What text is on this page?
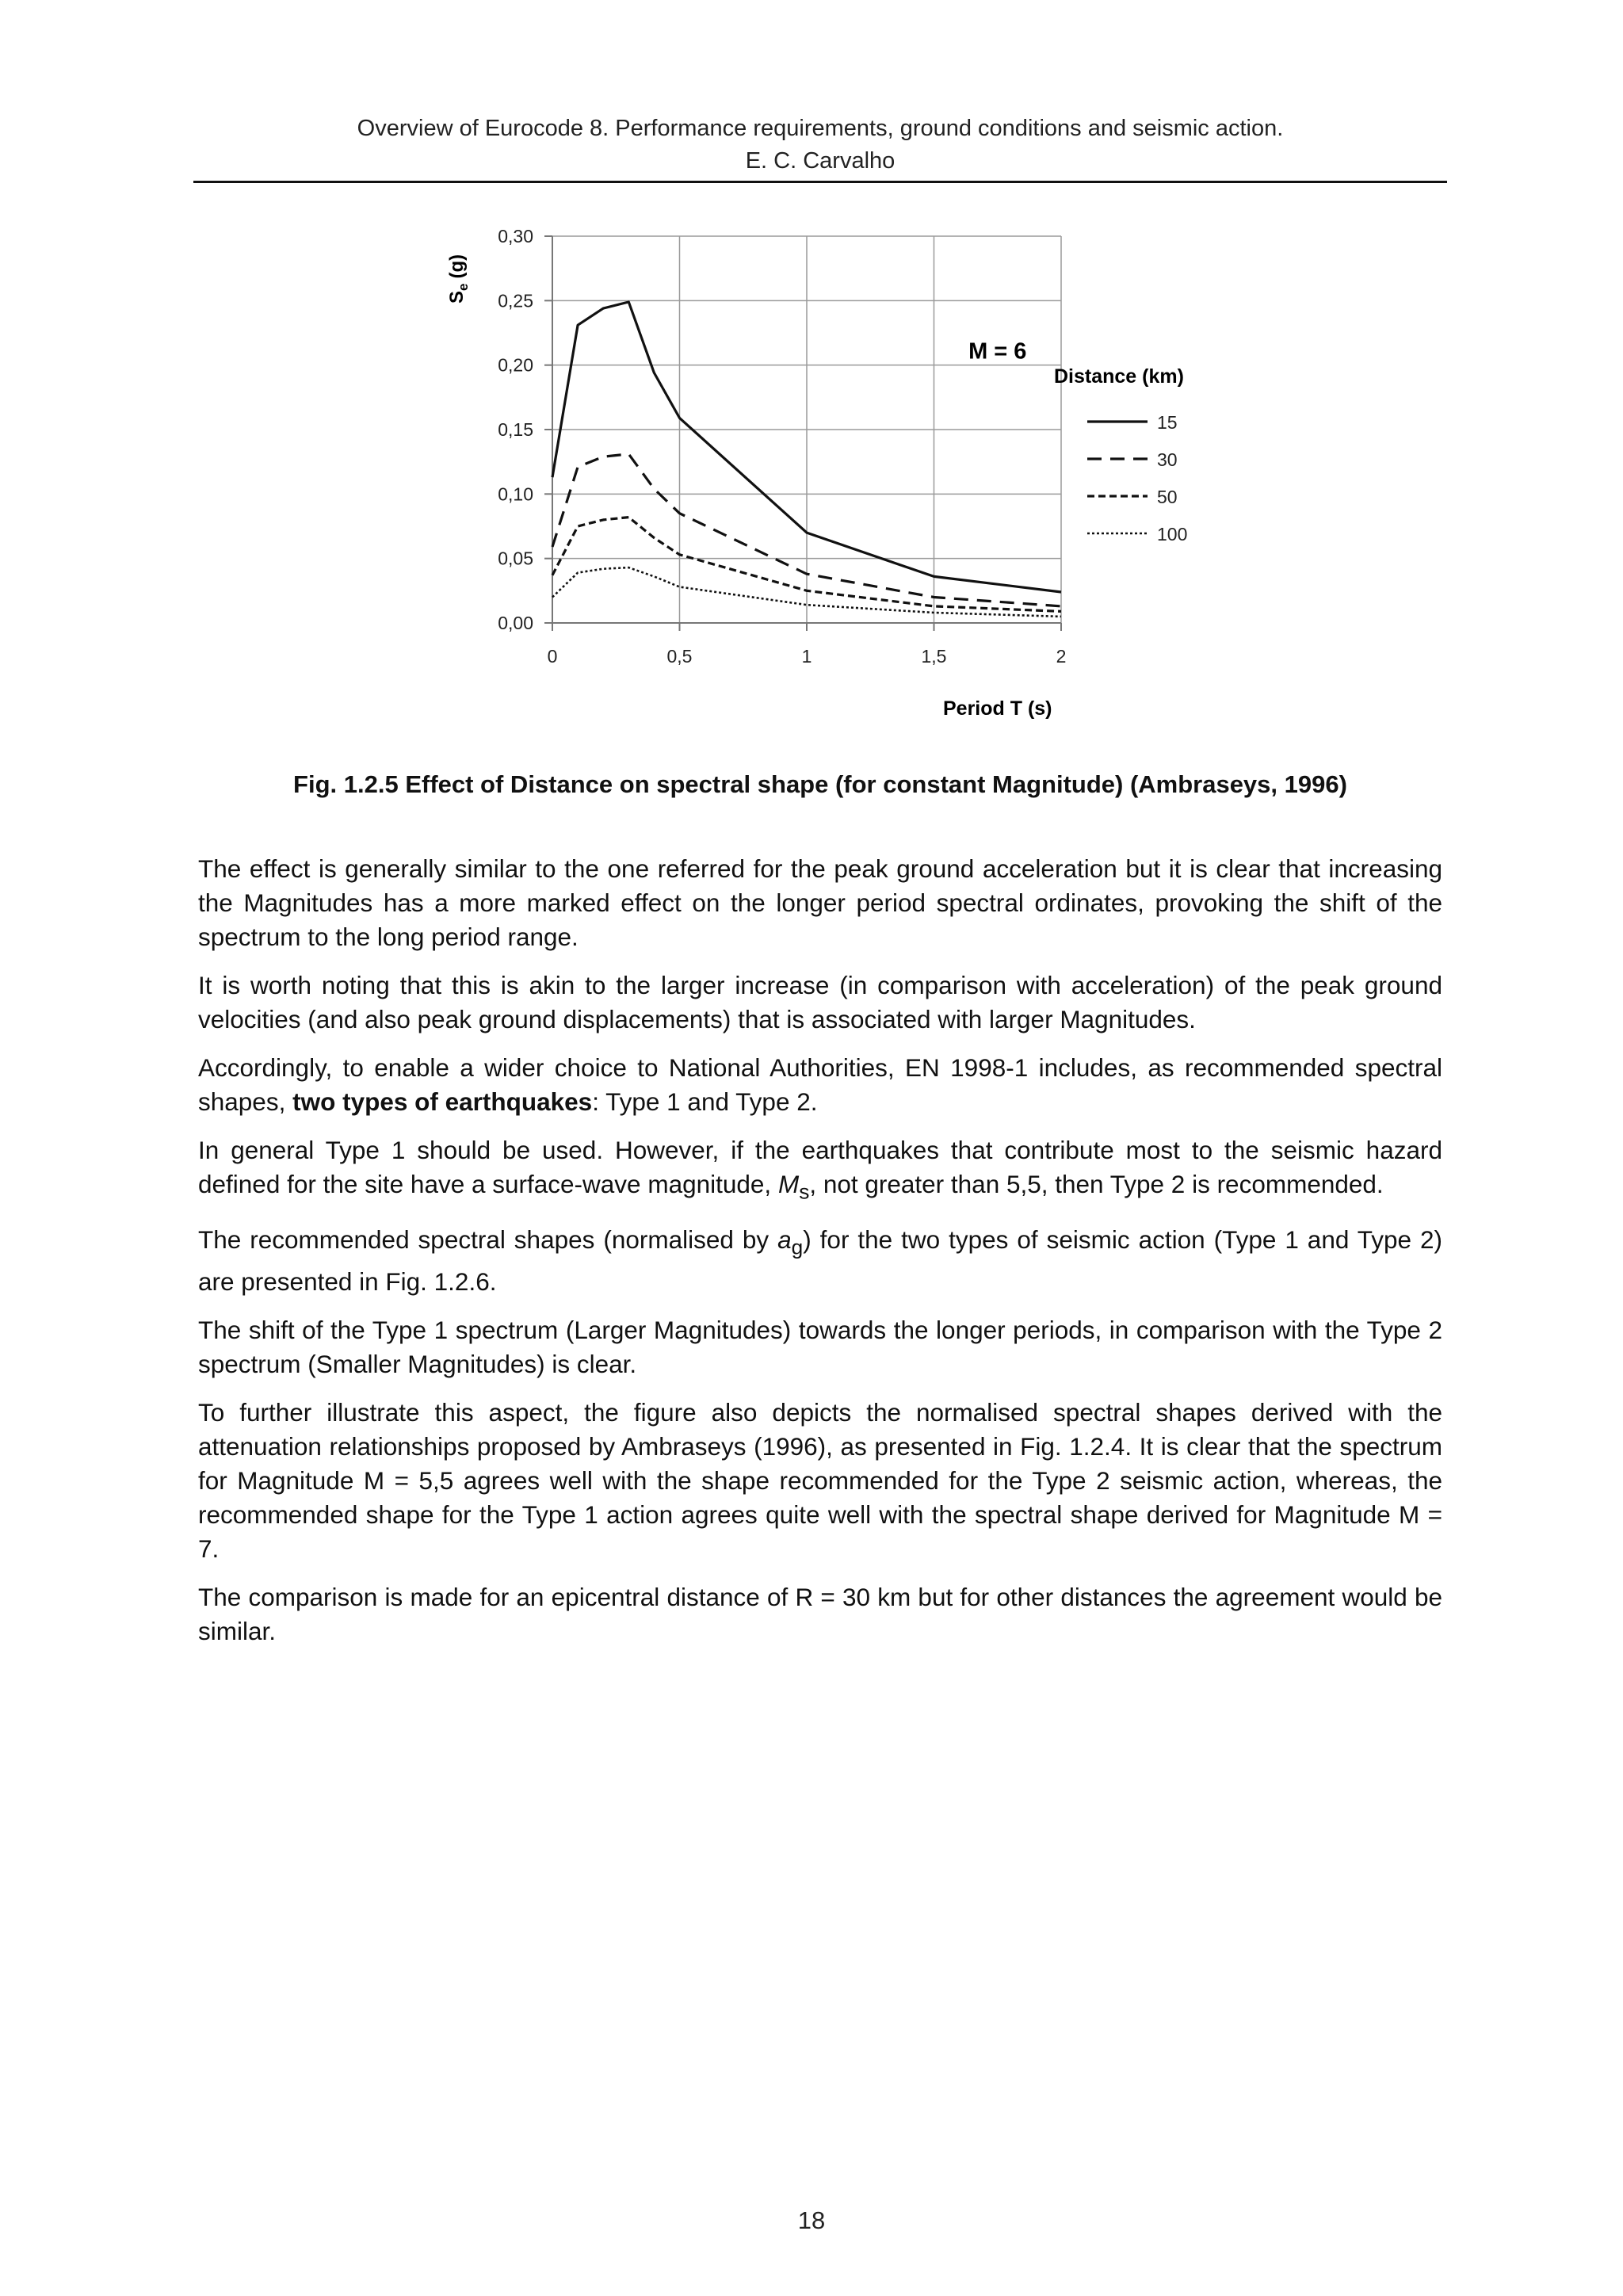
Overview of Eurocode 8. Performance requirements, ground conditions and seismic action.
E. C. Carvalho
0,00
0,05
0,10
0,15
0,20
0,25
0,30
0	0,5	1	1,5	2
$S_e(g)$
Period T (s)
M = 6
Distance (km)
15
30
50
100
Fig. 1.2.5 Effect of Distance on spectral shape (for constant Magnitude) (Ambraseys, 1996)

The effect is generally similar to the one referred for the peak ground acceleration but it is clear that increasing the Magnitudes has a more marked effect on the longer period spectral ordinates, provoking the shift of the spectrum to the long period range.

It is worth noting that this is akin to the larger increase (in comparison with acceleration) of the peak ground velocities (and also peak ground displacements) that is associated with larger Magnitudes.

Accordingly, to enable a wider choice to National Authorities, EN 1998-1 includes, as recommended spectral shapes, two types of earthquakes: Type 1 and Type 2.

In general Type 1 should be used. However, if the earthquakes that contribute most to the seismic hazard defined for the site have a surface-wave magnitude, $M_s$, not greater than 5,5, then Type 2 is recommended.

The recommended spectral shapes (normalised by $a_g$) for the two types of seismic action (Type 1 and Type 2) are presented in Fig. 1.2.6.

The shift of the Type 1 spectrum (Larger Magnitudes) towards the longer periods, in comparison with the Type 2 spectrum (Smaller Magnitudes) is clear.

To further illustrate this aspect, the figure also depicts the normalised spectral shapes derived with the attenuation relationships proposed by Ambraseys (1996), as presented in Fig. 1.2.4. It is clear that the spectrum for Magnitude M = 5,5 agrees well with the shape recommended for the Type 2 seismic action, whereas, the recommended shape for the Type 1 action agrees quite well with the spectral shape derived for Magnitude M = 7.

The comparison is made for an epicentral distance of R = 30 km but for other distances the agreement would be similar.

18
